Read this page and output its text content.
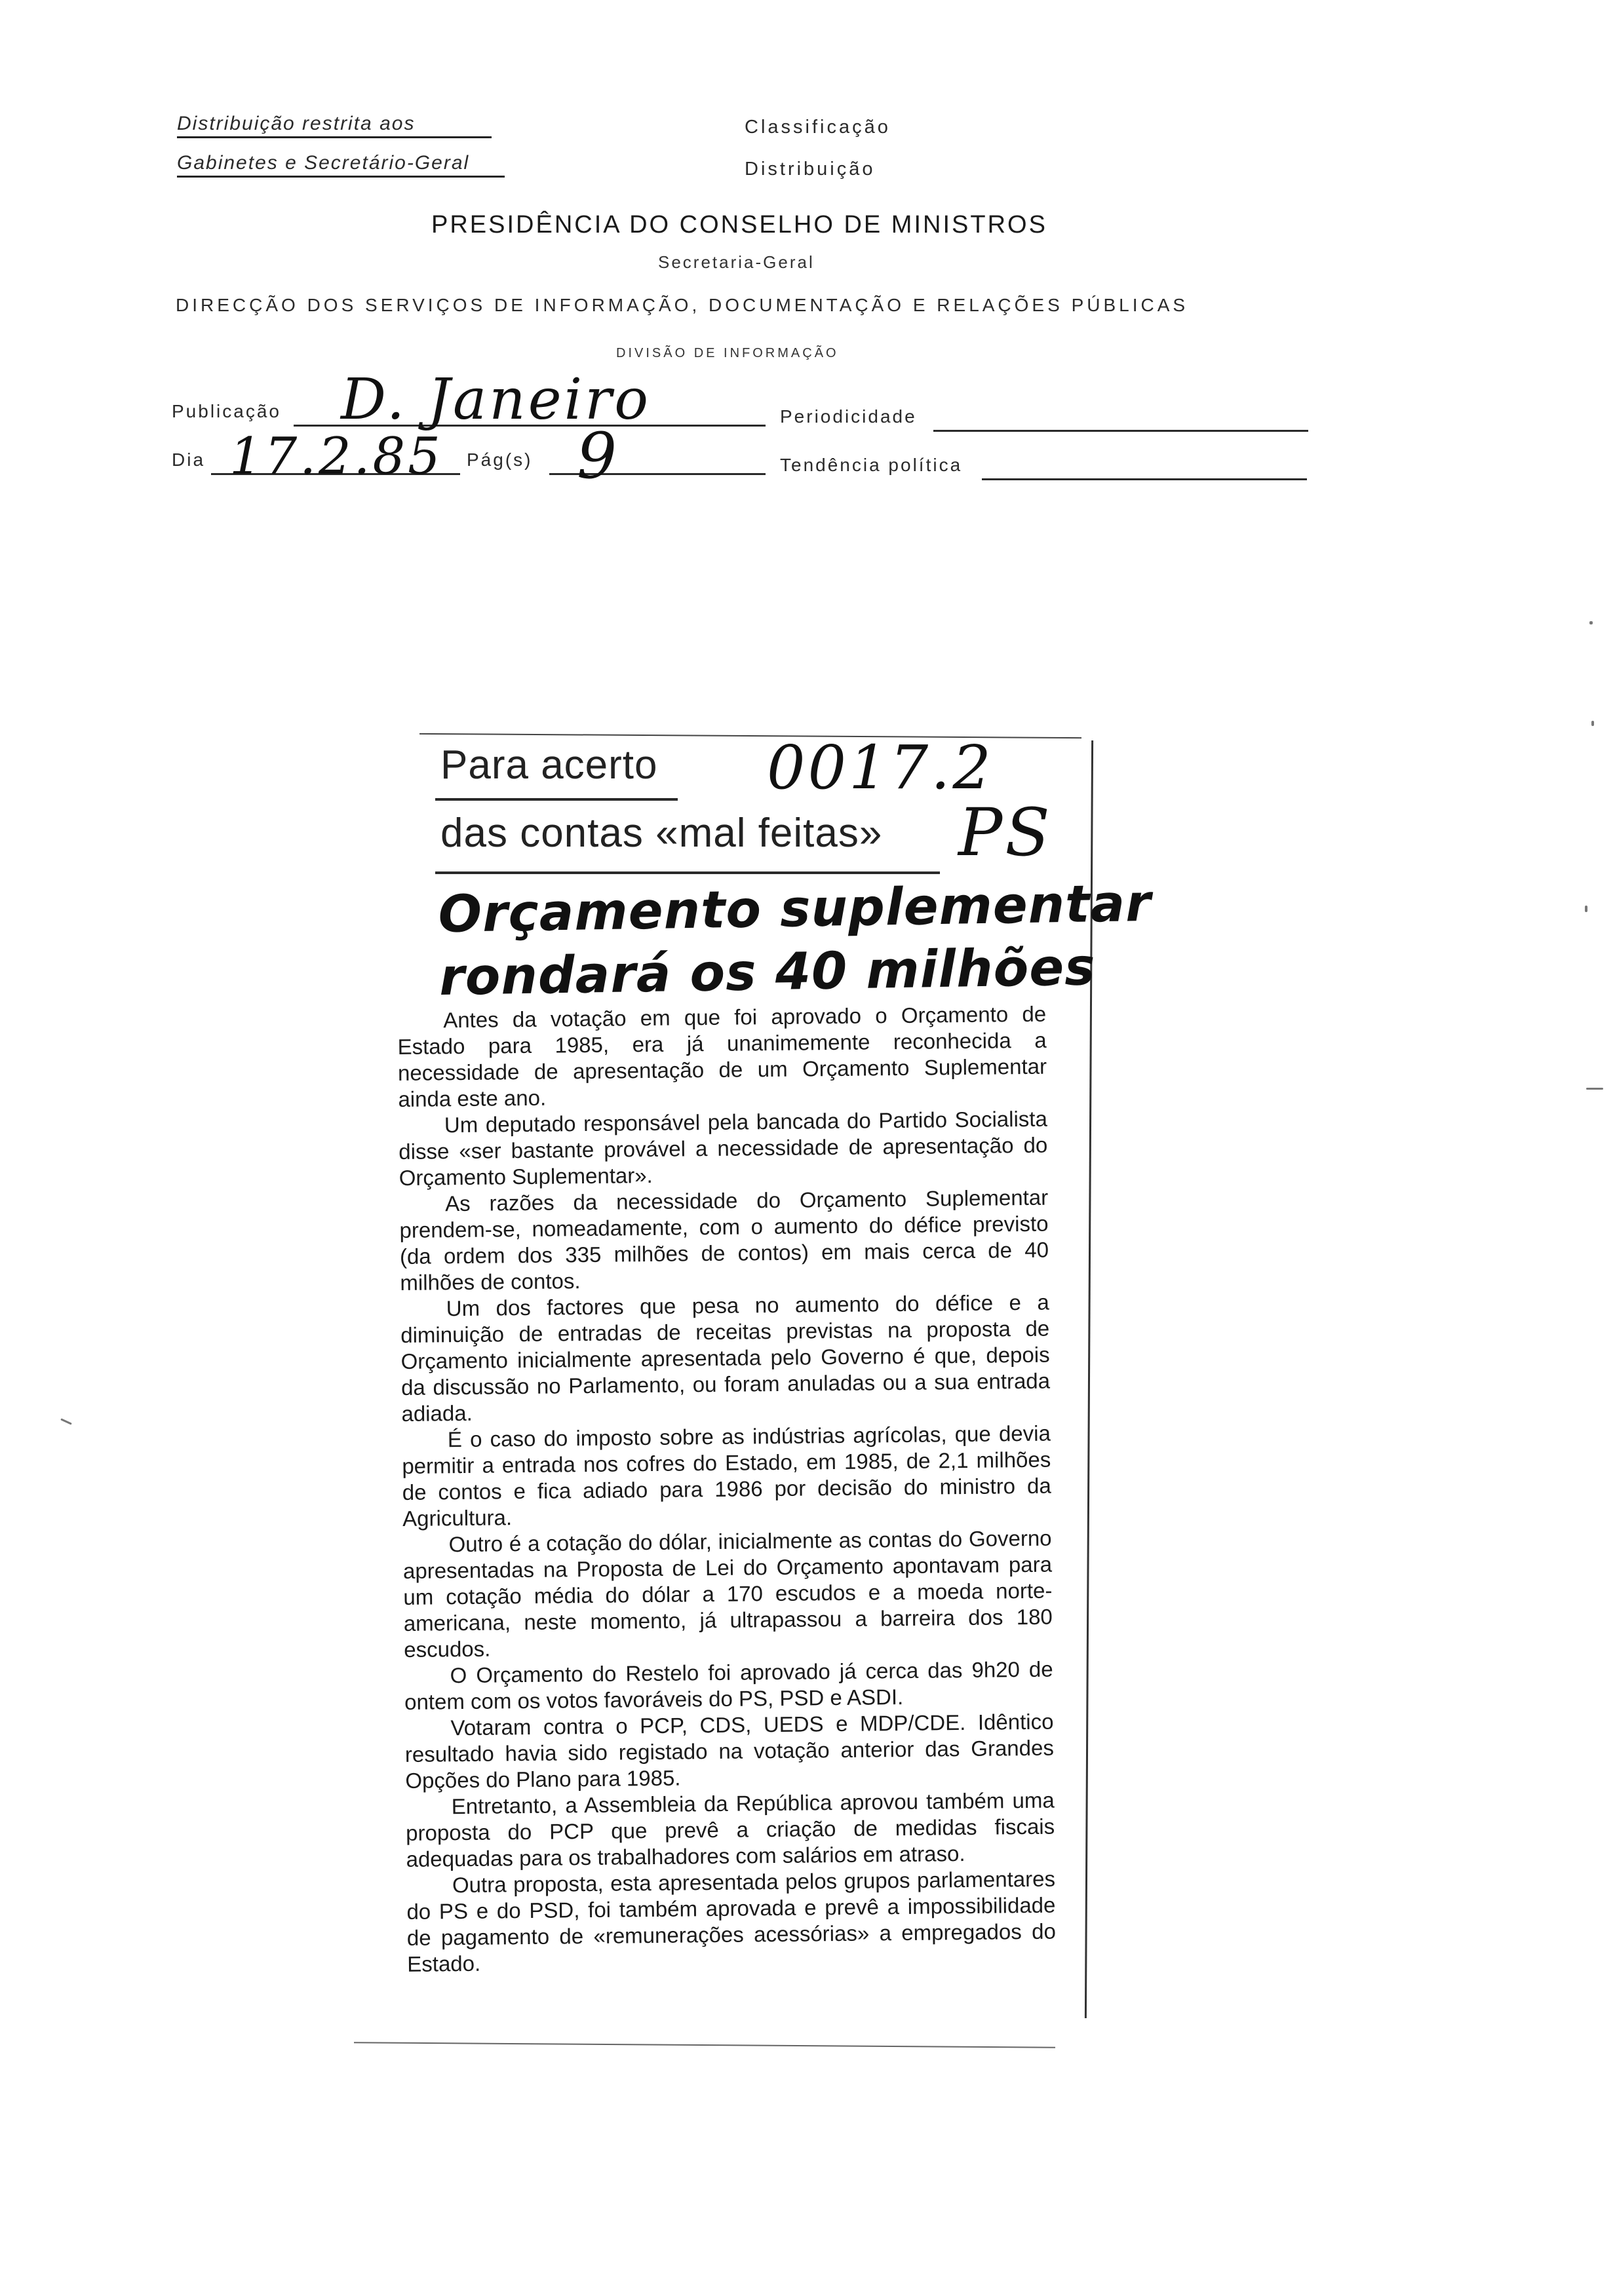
Distribuição restrita aos
Gabinetes e Secretário-Geral
Classificação
Distribuição
PRESIDÊNCIA DO CONSELHO DE MINISTROS
Secretaria-Geral
DIRECÇÃO DOS SERVIÇOS DE INFORMAÇÃO, DOCUMENTAÇÃO E RELAÇÕES PÚBLICAS
DIVISÃO DE INFORMAÇÃO
Publicação D. Janeiro	Periodicidade
Dia 17.2.85 Pág(s) 9	Tendência política
Para acerto
das contas «mal feitas»
0017.2
PS
Orçamento suplementar
rondará os 40 milhões

Antes da votação em que foi aprovado o Orçamento de Estado para 1985, era já unanimemente reconhecida a necessidade de apresentação de um Orçamento Suplementar ainda este ano.

Um deputado responsável pela bancada do Partido Socialista disse «ser bastante provável a necessidade de apresentação do Orçamento Suplementar».

As razões da necessidade do Orçamento Suplementar prendem-se, nomeadamente, com o aumento do défice previsto (da ordem dos 335 milhões de contos) em mais cerca de 40 milhões de contos.

Um dos factores que pesa no aumento do défice e a diminuição de entradas de receitas previstas na proposta de Orçamento inicialmente apresentada pelo Governo é que, depois da discussão no Parlamento, ou foram anuladas ou a sua entrada adiada.

É o caso do imposto sobre as indústrias agrícolas, que devia permitir a entrada nos cofres do Estado, em 1985, de 2,1 milhões de contos e fica adiado para 1986 por decisão do ministro da Agricultura.

Outro é a cotação do dólar, inicialmente as contas do Governo apresentadas na Proposta de Lei do Orçamento apontavam para um cotação média do dólar a 170 escudos e a moeda norte-americana, neste momento, já ultrapassou a barreira dos 180 escudos.

O Orçamento do Restelo foi aprovado já cerca das 9h20 de ontem com os votos favoráveis do PS, PSD e ASDI.

Votaram contra o PCP, CDS, UEDS e MDP/CDE. Idêntico resultado havia sido registado na votação anterior das Grandes Opções do Plano para 1985.

Entretanto, a Assembleia da República aprovou também uma proposta do PCP que prevê a criação de medidas fiscais adequadas para os trabalhadores com salários em atraso.

Outra proposta, esta apresentada pelos grupos parlamentares do PS e do PSD, foi também aprovada e prevê a impossibilidade de pagamento de «remunerações acessórias» a empregados do Estado.
